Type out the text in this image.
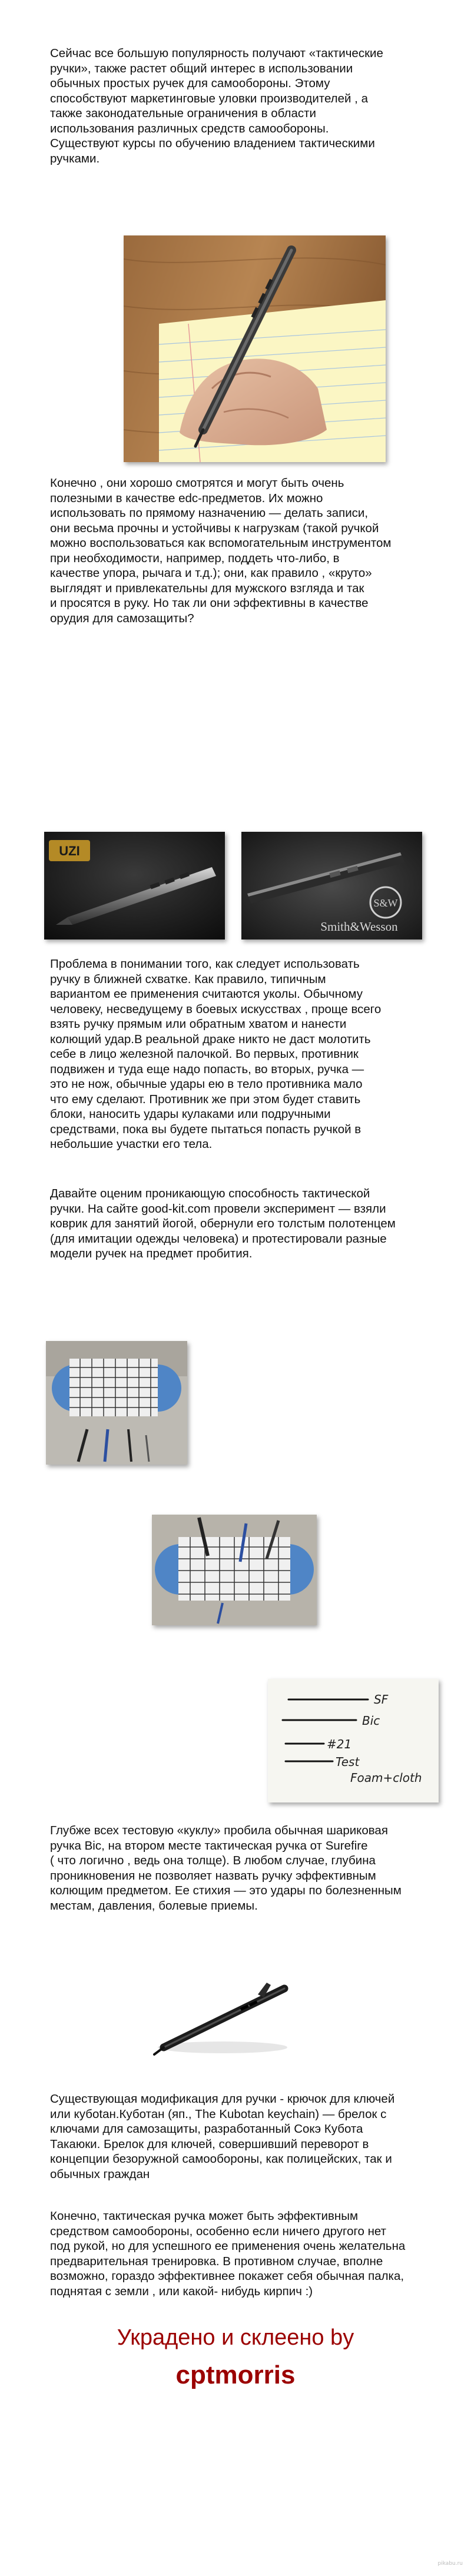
Сейчас все большую популярность получают «тактические
ручки», также растет общий интерес в использовании
обычных простых ручек для самообороны. Этому
способствуют маркетинговые уловки производителей , а
также законодательные ограничения в области
использования различных средств самообороны.
Существуют курсы по обучению владением тактическими
ручками.

Конечно , они хорошо смотрятся и могут быть очень
полезными в качестве edc-предметов. Их можно
использовать по прямому назначению — делать записи,
они весьма прочны и устойчивы к нагрузкам (такой ручкой
можно воспользоваться как вспомогательным инструментом
при необходимости, например, поддеть что-либо, в
качестве упора, рычага и т.д.); они, как правило , «круто»
выглядят и привлекательны для мужского взгляда и так
и просятся в руку. Но так ли они эффективны в качестве
орудия для самозащиты?

UZI
S&W
Smith&Wesson

Проблема в понимании того, как следует использовать
ручку в ближней схватке. Как правило, типичным
вариантом ее применения считаются уколы. Обычному
человеку, несведущему в боевых искусствах , проще всего
взять ручку прямым или обратным хватом и нанести
колющий удар.В реальной драке никто не даст молотить
себе в лицо железной палочкой. Во первых, противник
подвижен и туда еще надо попасть, во вторых, ручка —
это не нож, обычные удары ею в тело противника мало
что ему сделают. Противник же при этом будет ставить
блоки, наносить удары кулаками или подручными
средствами, пока вы будете пытаться попасть ручкой в
небольшие участки его тела.

Давайте оценим проникающую способность тактической
ручки. На сайте good-kit.com провели эксперимент — взяли
коврик для занятий йогой, обернули его толстым полотенцем
(для имитации одежды человека) и протестировали разные
модели ручек на предмет пробития.

SF
Bic
#21
Test
Foam+cloth

Глубже всех тестовую «куклу» пробила обычная шариковая
ручка Bic, на втором месте тактическая ручка от Surefire
( что логично , ведь она толще). В любом случае, глубина
проникновения не позволяет назвать ручку эффективным
колющим предметом. Ее стихия — это удары по болезненным
местам, давления, болевые приемы.

Существующая модификация для ручки - крючок для ключей
или кубotaн.Куботан (яп., The Kubotan keychain) — брелок с
ключами для самозащиты, разработанный Сокэ Кубота
Такаюки. Брелок для ключей, совершивший переворот в
концепции безоружной самообороны, как полицейских, так и
обычных граждан

Конечно, тактическая ручка может быть эффективным
средством самообороны, особенно если ничего другого нет
под рукой, но для успешного ее применения очень желательна
предварительная тренировка. В противном случае, вполне
возможно, гораздо эффективнее покажет себя обычная палка,
поднятая с земли , или какой- нибудь кирпич :)

Украдено и склеено by
cptmorris
pikabu.ru
